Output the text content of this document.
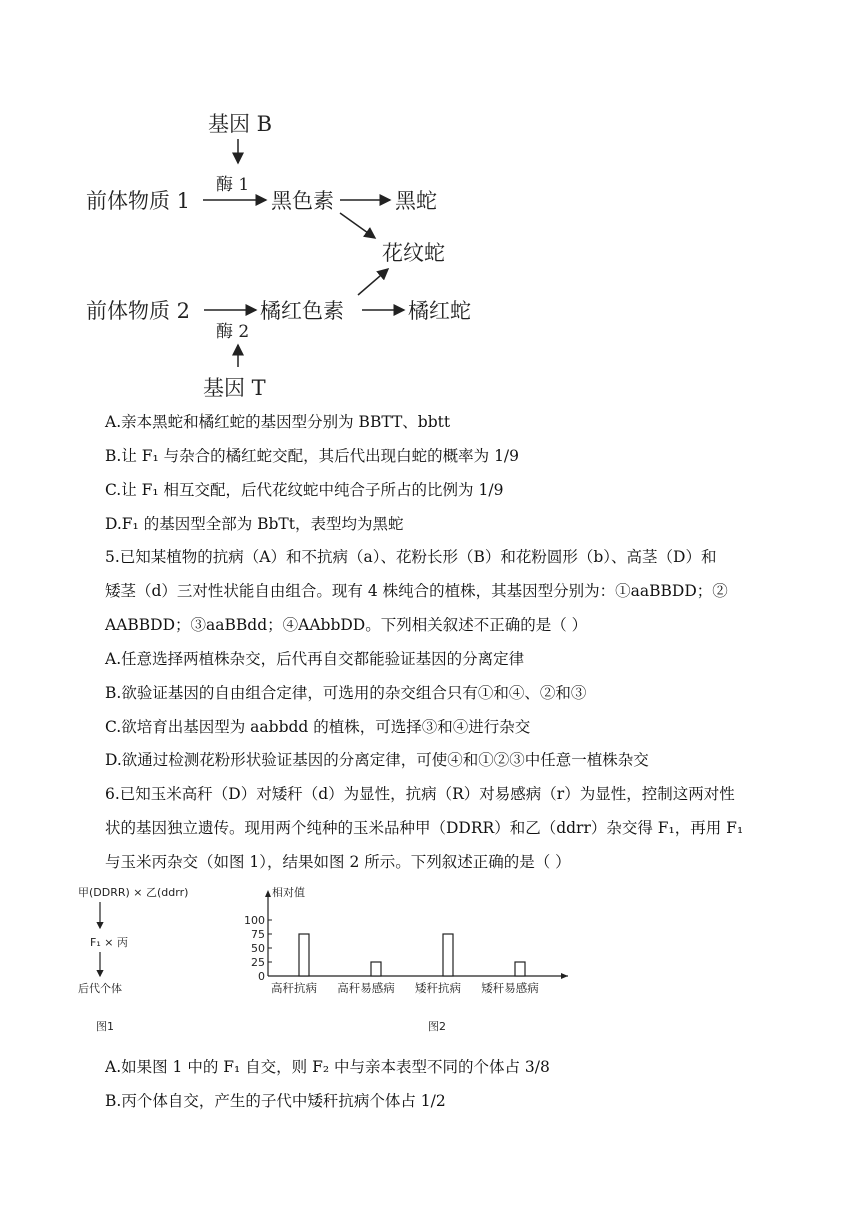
基因 B
酶 1
前体物质 1	黑色素	黑蛇
花纹蛇
前体物质 2	橘红色素	橘红蛇
酶 2
基因 T
A.亲本黑蛇和橘红蛇的基因型分别为 BBTT、bbtt
B.让 F₁ 与杂合的橘红蛇交配，其后代出现白蛇的概率为 1/9
C.让 F₁ 相互交配，后代花纹蛇中纯合子所占的比例为 1/9
D.F₁ 的基因型全部为 BbTt，表型均为黑蛇
5.已知某植物的抗病（A）和不抗病（a）、花粉长形（B）和花粉圆形（b）、高茎（D）和
矮茎（d）三对性状能自由组合。现有 4 株纯合的植株，其基因型分别为：①aaBBDD；②
AABBDD；③aaBBdd；④AAbbDD。下列相关叙述不正确的是（ ）
A.任意选择两植株杂交，后代再自交都能验证基因的分离定律
B.欲验证基因的自由组合定律，可选用的杂交组合只有①和④、②和③
C.欲培育出基因型为 aabbdd 的植株，可选择③和④进行杂交
D.欲通过检测花粉形状验证基因的分离定律，可使④和①②③中任意一植株杂交
6.已知玉米高秆（D）对矮秆（d）为显性，抗病（R）对易感病（r）为显性，控制这两对性
状的基因独立遗传。现用两个纯种的玉米品种甲（DDRR）和乙（ddrr）杂交得 F₁，再用 F₁
与玉米丙杂交（如图 1），结果如图 2 所示。下列叙述正确的是（ ）
A.如果图 1 中的 F₁ 自交，则 F₂ 中与亲本表型不同的个体占 3/8
B.丙个体自交，产生的子代中矮秆抗病个体占 1/2
甲(DDRR) × 乙(ddrr)
F₁ × 丙
后代个体
图1
相对值
图2
0
25
50
75
100
高秆抗病 高秆易感病 矮秆抗病 矮秆易感病
